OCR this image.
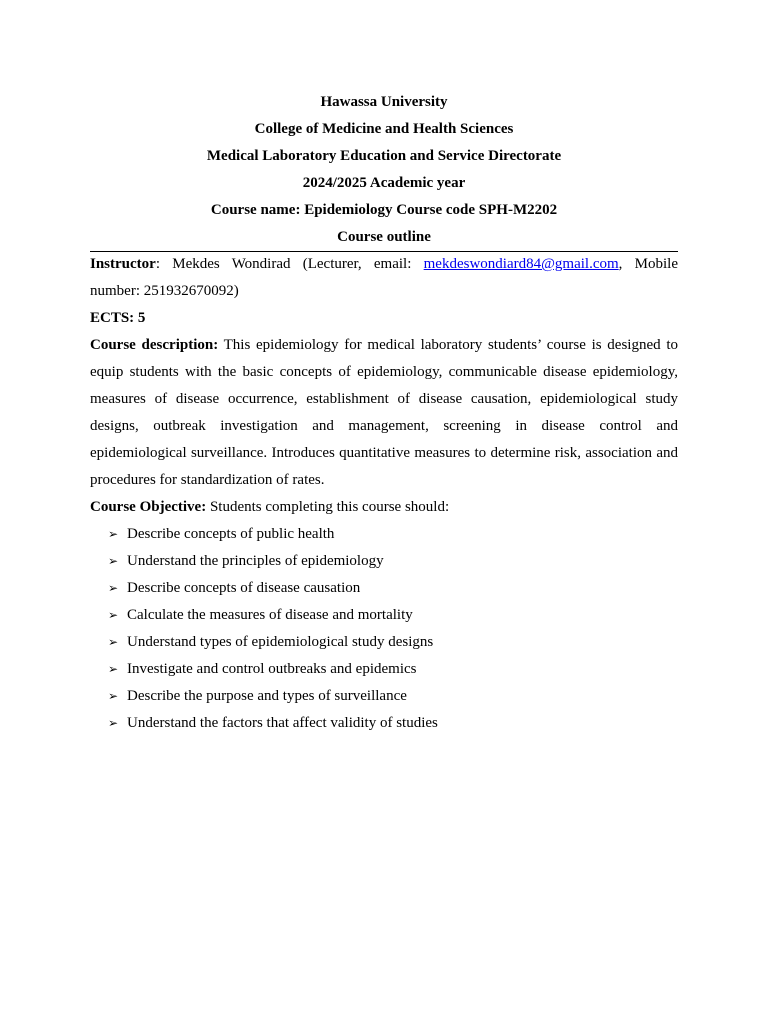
Hawassa University
College of Medicine and Health Sciences
Medical Laboratory Education and Service Directorate
2024/2025 Academic year
Course name: Epidemiology Course code SPH-M2202
Course outline
Instructor: Mekdes Wondirad (Lecturer, email: mekdeswondiard84@gmail.com, Mobile number: 251932670092)
ECTS: 5
Course description: This epidemiology for medical laboratory students’ course is designed to equip students with the basic concepts of epidemiology, communicable disease epidemiology, measures of disease occurrence, establishment of disease causation, epidemiological study designs, outbreak investigation and management, screening in disease control and epidemiological surveillance. Introduces quantitative measures to determine risk, association and procedures for standardization of rates.
Course Objective: Students completing this course should:
➢ Describe concepts of public health
➢ Understand the principles of epidemiology
➢ Describe concepts of disease causation
➢ Calculate the measures of disease and mortality
➢ Understand types of epidemiological study designs
➢ Investigate and control outbreaks and epidemics
➢ Describe the purpose and types of surveillance
➢ Understand the factors that affect validity of studies
